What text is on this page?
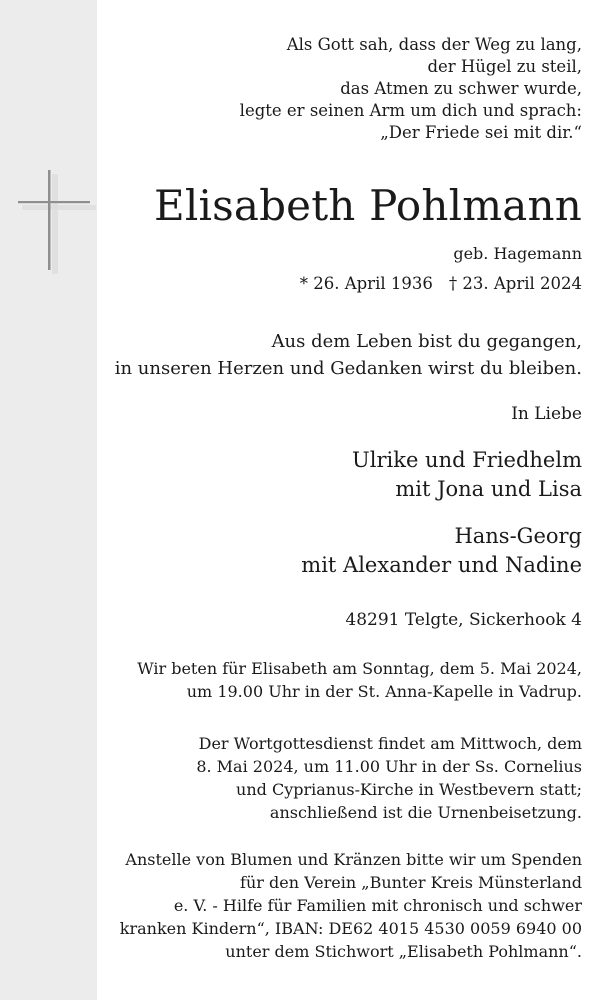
Als Gott sah, dass der Weg zu lang,
der Hügel zu steil,
das Atmen zu schwer wurde,
legte er seinen Arm um dich und sprach:
„Der Friede sei mit dir.“
Elisabeth Pohlmann
geb. Hagemann
* 26. April 1936 † 23. April 2024
Aus dem Leben bist du gegangen,
in unseren Herzen und Gedanken wirst du bleiben.
In Liebe
Ulrike und Friedhelm
mit Jona und Lisa
Hans-Georg
mit Alexander und Nadine
48291 Telgte, Sickerhook 4
Wir beten für Elisabeth am Sonntag, dem 5. Mai 2024,
um 19.00 Uhr in der St. Anna-Kapelle in Vadrup.
Der Wortgottesdienst findet am Mittwoch, dem
8. Mai 2024, um 11.00 Uhr in der Ss. Cornelius
und Cyprianus-Kirche in Westbevern statt;
anschließend ist die Urnenbeisetzung.
Anstelle von Blumen und Kränzen bitte wir um Spenden
für den Verein „Bunter Kreis Münsterland
e. V. - Hilfe für Familien mit chronisch und schwer
kranken Kindern“, IBAN: DE62 4015 4530 0059 6940 00
unter dem Stichwort „Elisabeth Pohlmann“.
